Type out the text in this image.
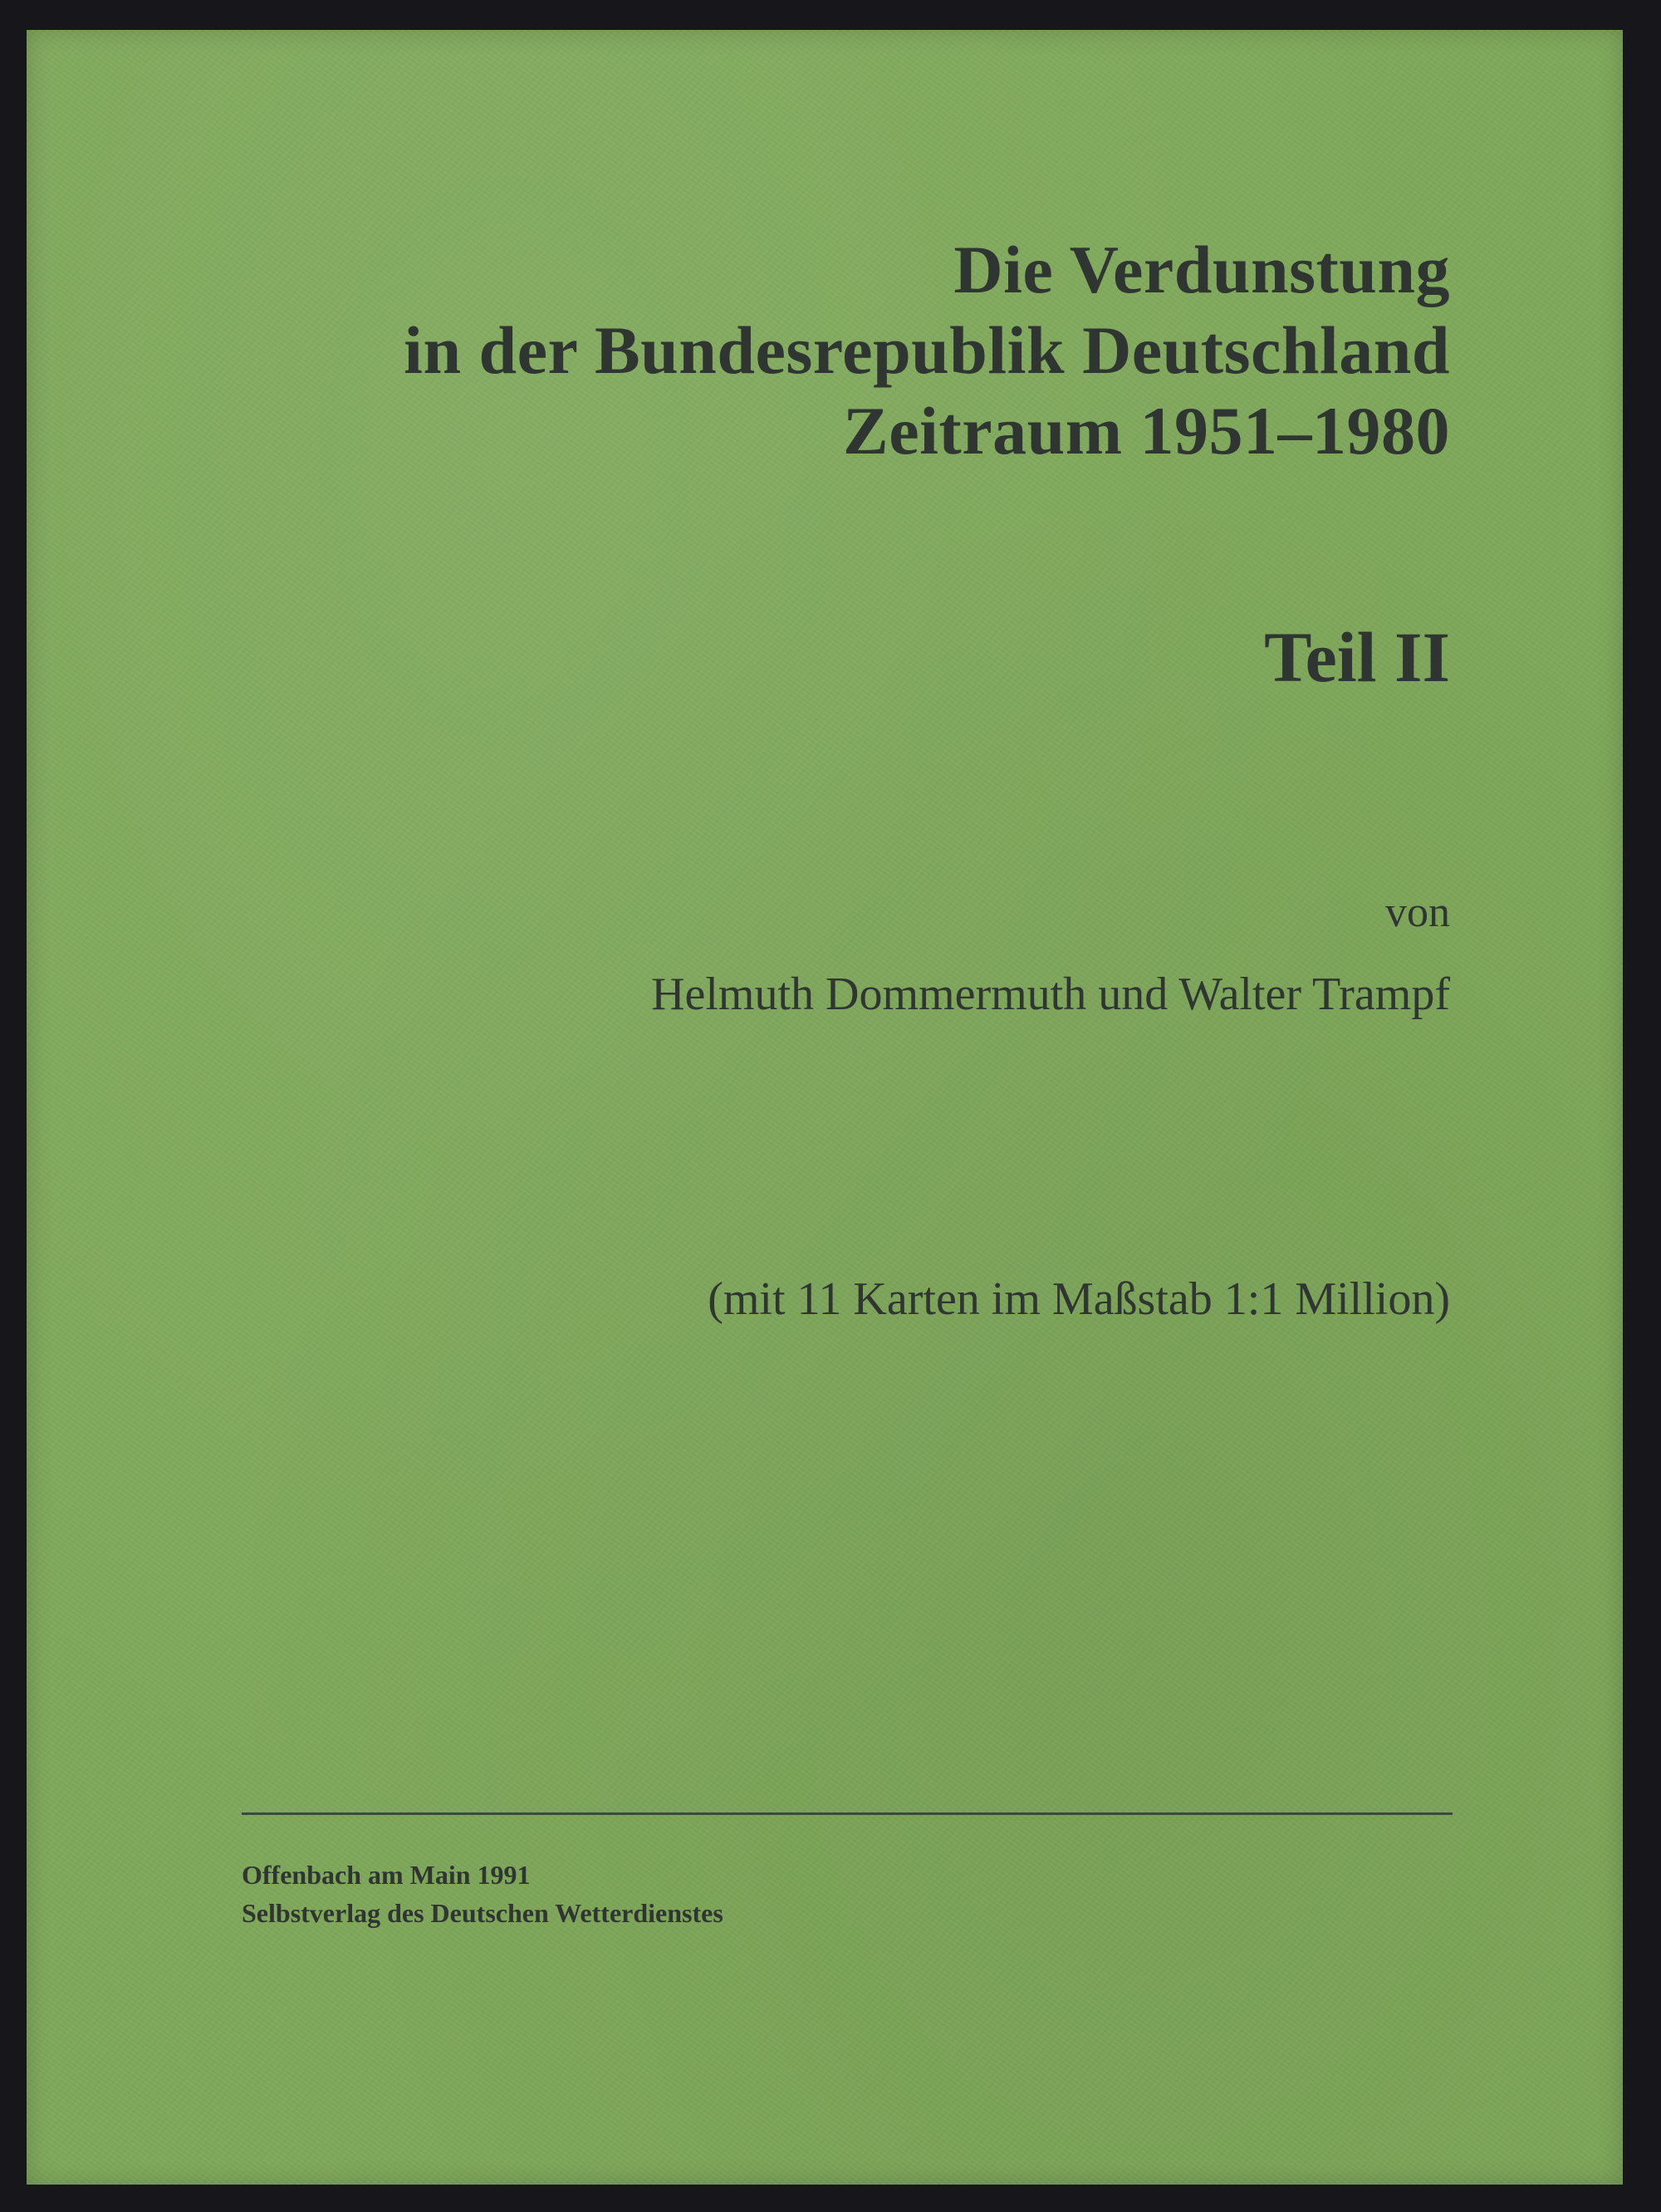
Die Verdunstung
in der Bundesrepublik Deutschland
Zeitraum 1951–1980
Teil II
von
Helmuth Dommermuth und Walter Trampf
(mit 11 Karten im Maßstab 1:1 Million)
Offenbach am Main 1991
Selbstverlag des Deutschen Wetterdienstes
